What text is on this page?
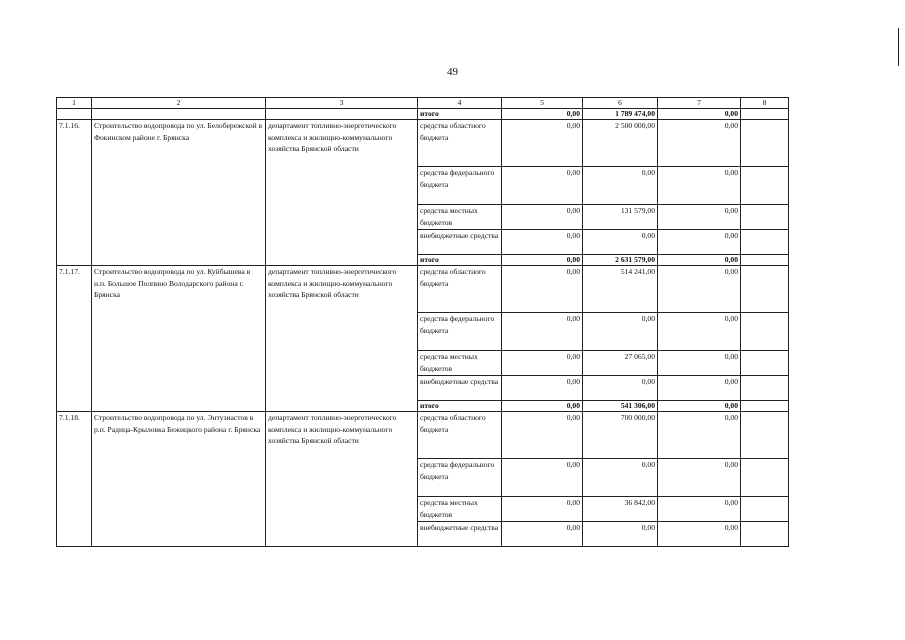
49
1	2	3	4	5	6	7	8
			итого	0,00	1 789 474,00	0,00	
7.1.16.	Строительство водопровода по ул. Белобережской в Фокинском районе г. Брянска	департамент топливно-энергетического комплекса и жилищно-коммунального хозяйства Брянской области	средства областного бюджета	0,00	2 500 000,00	0,00	
			средства федерального бюджета	0,00	0,00	0,00	
			средства местных бюджетов	0,00	131 579,00	0,00	
			внебюджетные средства	0,00	0,00	0,00	
			итого	0,00	2 631 579,00	0,00	
7.1.17.	Строительство водопровода по ул. Куйбышева в н.п. Большое Полпино Володарского района г. Брянска	департамент топливно-энергетического комплекса и жилищно-коммунального хозяйства Брянской области	средства областного бюджета	0,00	514 241,00	0,00	
			средства федерального бюджета	0,00	0,00	0,00	
			средства местных бюджетов	0,00	27 065,00	0,00	
			внебюджетные средства	0,00	0,00	0,00	
			итого	0,00	541 306,00	0,00	
7.1.18.	Строительство водопровода по ул. Энтузиастов в р.п. Радица-Крыловка Бежицкого района г. Брянска	департамент топливно-энергетического комплекса и жилищно-коммунального хозяйства Брянской области	средства областного бюджета	0,00	700 000,00	0,00	
			средства федерального бюджета	0,00	0,00	0,00	
			средства местных бюджетов	0,00	36 842,00	0,00	
			внебюджетные средства	0,00	0,00	0,00	
